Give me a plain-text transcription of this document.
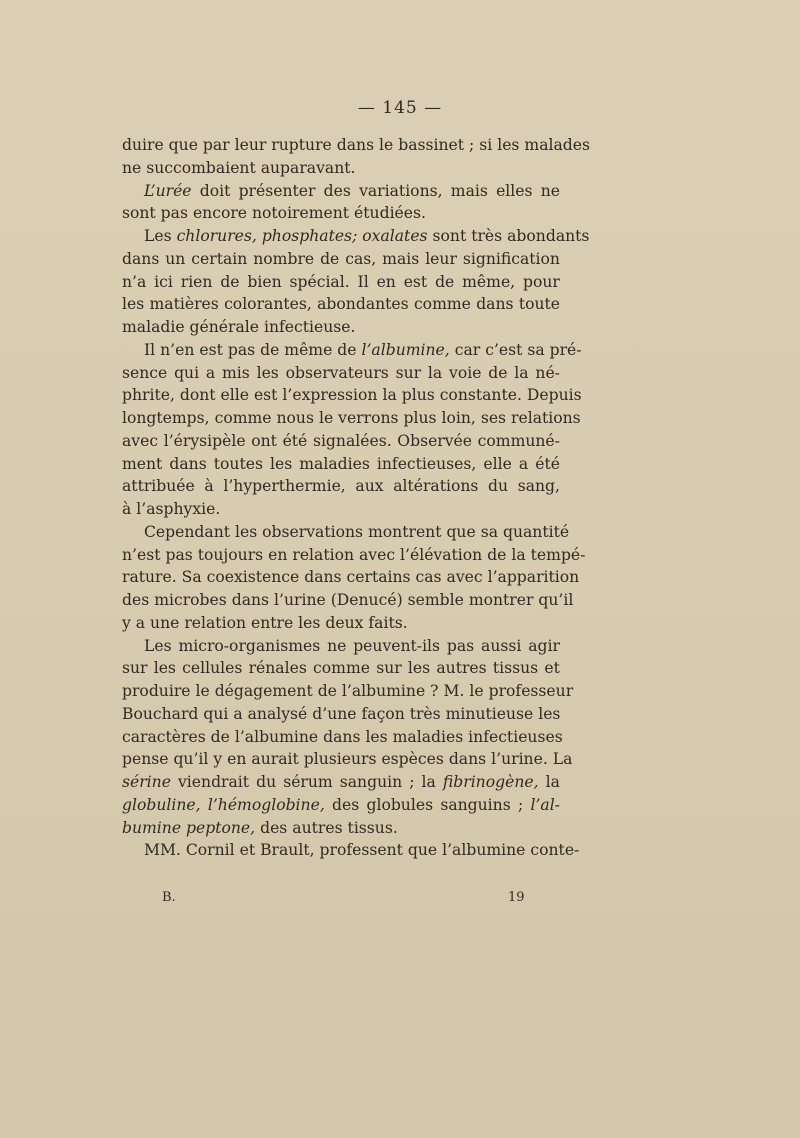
— 145 —
duire que par leur rupture dans le bassinet ; si les malades
ne succombaient auparavant.
L’urée doit présenter des variations, mais elles ne
sont pas encore notoirement étudiées.
Les chlorures, phosphates; oxalates sont très abondants
dans un certain nombre de cas, mais leur signification
n’a ici rien de bien spécial. Il en est de même, pour
les matières colorantes, abondantes comme dans toute
maladie générale infectieuse.
Il n’en est pas de même de l’albumine, car c’est sa pré-
sence qui a mis les observateurs sur la voie de la né-
phrite, dont elle est l’expression la plus constante. Depuis
longtemps, comme nous le verrons plus loin, ses relations
avec l’érysipèle ont été signalées. Observée communé-
ment dans toutes les maladies infectieuses, elle a été
attribuée à l’hyperthermie, aux altérations du sang,
à l’asphyxie.
Cependant les observations montrent que sa quantité
n’est pas toujours en relation avec l’élévation de la tempé-
rature. Sa coexistence dans certains cas avec l’apparition
des microbes dans l’urine (Denucé) semble montrer qu’il
y a une relation entre les deux faits.
Les micro-organismes ne peuvent-ils pas aussi agir
sur les cellules rénales comme sur les autres tissus et
produire le dégagement de l’albumine ? M. le professeur
Bouchard qui a analysé d’une façon très minutieuse les
caractères de l’albumine dans les maladies infectieuses
pense qu’il y en aurait plusieurs espèces dans l’urine. La
sérine viendrait du sérum sanguin ; la fibrinogène, la
globuline, l’hémoglobine, des globules sanguins ; l’al-
bumine peptone, des autres tissus.
MM. Cornil et Brault, professent que l’albumine conte-
B.	19
